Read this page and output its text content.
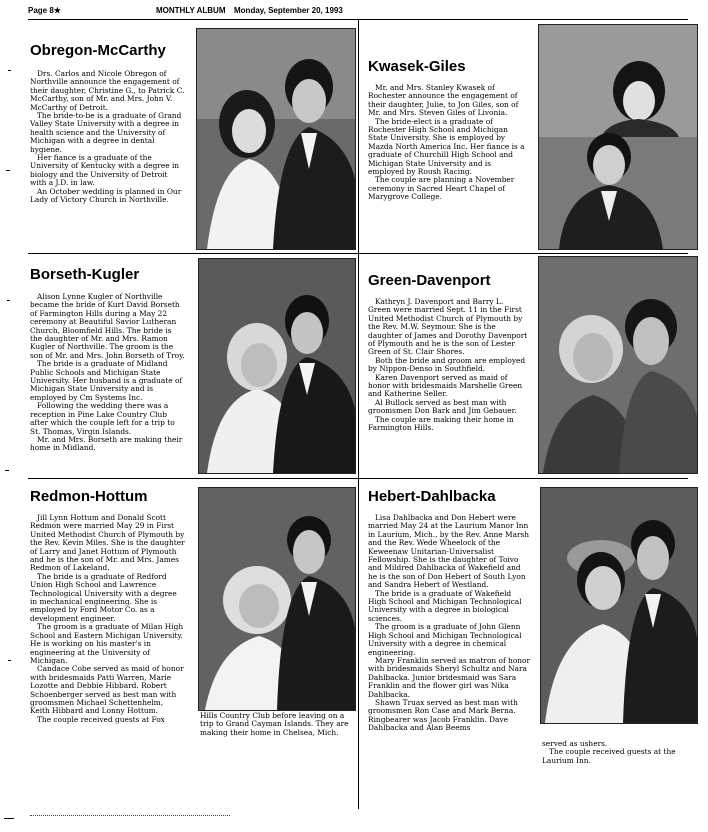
Page 8★	MONTHLY ALBUM Monday, September 20, 1993
Obregon-McCarthy

Drs. Carlos and Nicole Obregon of Northville announce the engagement of their daughter, Christine G., to Patrick C. McCarthy, son of Mr. and Mrs. John V. McCarthy of Detroit.

The bride-to-be is a graduate of Grand Valley State University with a degree in health science and the University of Michigan with a degree in dental hygiene.

Her fiance is a graduate of the University of Kentucky with a degree in biology and the University of Detroit with a J.D. in law.

An October wedding is planned in Our Lady of Victory Church in Northville.

Kwasek-Giles

Mr. and Mrs. Stanley Kwasek of Rochester announce the engagement of their daughter, Julie, to Jon Giles, son of Mr. and Mrs. Steven Giles of Livonia.

The bride-elect is a graduate of Rochester High School and Michigan State University. She is employed by Mazda North America Inc. Her fiance is a graduate of Churchill High School and Michigan State University and is employed by Roush Racing.

The couple are planning a November ceremony in Sacred Heart Chapel of Marygrove College.

Borseth-Kugler

Alison Lynne Kugler of Northville became the bride of Kurt David Borseth of Farmington Hills during a May 22 ceremony at Beautiful Savior Lutheran Church, Bloomfield Hills. The bride is the daughter of Mr. and Mrs. Ramon Kugler of Northville. The groom is the son of Mr. and Mrs. John Borseth of Troy.

The bride is a graduate of Midland Public Schools and Michigan State University. Her husband is a graduate of Michigan State University and is employed by Cm Systems Inc.

Following the wedding there was a reception in Pine Lake Country Club after which the couple left for a trip to St. Thomas, Virgin Islands.

Mr. and Mrs. Borseth are making their home in Midland.

Green-Davenport

Kathryn J. Davenport and Barry L. Green were married Sept. 11 in the First United Methodist Church of Plymouth by the Rev. M.W. Seymour. She is the daughter of James and Dorothy Davenport of Plymouth and he is the son of Lester Green of St. Clair Shores.

Both the bride and groom are employed by Nippon-Denso in Southfield.

Karen Davenport served as maid of honor with bridesmaids Marshelle Green and Katherine Seller.

Al Bullock served as best man with groomsmen Don Bark and Jim Gebauer.

The couple are making their home in Farmington Hills.

Redmon-Hottum

Jill Lynn Hottum and Donald Scott Redmon were married May 29 in First United Methodist Church of Plymouth by the Rev. Kevin Miles. She is the daughter of Larry and Janet Hottum of Plymouth and he is the son of Mr. and Mrs. James Redmon of Lakeland.

The bride is a graduate of Redford Union High School and Lawrence Technological University with a degree in mechanical engineering. She is employed by Ford Motor Co. as a development engineer.

The groom is a graduate of Milan High School and Eastern Michigan University. He is working on his master's in engineering at the University of Michigan.

Candace Cobe served as maid of honor with bridesmaids Patti Warren, Marie Lozotte and Debbie Hibbard. Robert Schoenberger served as best man with groomsmen Michael Schettenhelm, Keith Hibbard and Lonny Hottum.

The couple received guests at Fox	Hills Country Club before leaving on a trip to Grand Cayman Islands. They are making their home in Chelsea, Mich.

Hebert-Dahlbacka

Lisa Dahlbacka and Don Hebert were married May 24 at the Laurium Manor Inn in Laurium, Mich., by the Rev. Anne Marsh and the Rev. Wede Wheelock of the Keweenaw Unitarian-Universalist Fellowship. She is the daughter of Toivo and Mildred Dahlbacka of Wakefield and he is the son of Don Hebert of South Lyon and Sandra Hebert of Westland.

The bride is a graduate of Wakefield High School and Michigan Technological University with a degree in biological sciences.

The groom is a graduate of John Glenn High School and Michigan Technological University with a degree in chemical engineering.

Mary Franklin served as matron of honor with bridesmaids Sheryl Schultz and Nara Dahlbacka. Junior bridesmaid was Sara Franklin and the flower girl was Nika Dahlbacka.

Shawn Truax served as best man with groomsmen Ron Case and Mark Berna. Ringbearer was Jacob Franklin. Dave Dahlbacka and Alan Beems

served as ushers.

The couple received guests at the Laurium Inn.
